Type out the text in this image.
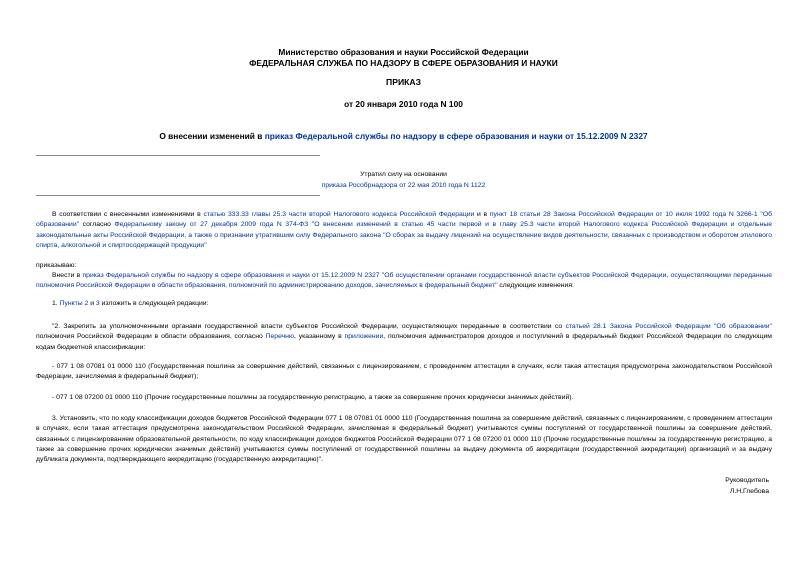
Министерство образования и науки Российской Федерации
ФЕДЕРАЛЬНАЯ СЛУЖБА ПО НАДЗОРУ В СФЕРЕ ОБРАЗОВАНИЯ И НАУКИ
ПРИКАЗ
от 20 января 2010 года N 100
О внесении изменений в приказ Федеральной службы по надзору в сфере образования и науки от 15.12.2009 N 2327
Утратил силу на основании
приказа Рособрнадзора от 22 мая 2010 года N 1122
В соответствии с внесенными изменениями в статью 333.33 главы 25.3 части второй Налогового кодекса Российской Федерации и в пункт 18 статьи 28 Закона Российской Федерации от 10 июля 1992 года N 3266-1 "Об образовании" согласно Федеральному закону от 27 декабря 2009 года N 374-ФЗ "О внесении изменений в статью 45 части первой и в главу 25.3 части второй Налогового кодекса Российской Федерации и отдельные законодательные акты Российской Федерации, а также о признании утратившим силу Федерального закона "О сборах за выдачу лицензий на осуществление видов деятельности, связанных с производством и оборотом этилового спирта, алкогольной и спиртосодержащей продукции"
приказываю:
Внести в приказ Федеральной службы по надзору в сфере образования и науки от 15.12.2009 N 2327 "Об осуществлении органами государственной власти субъектов Российской Федерации, осуществляющими переданные полномочия Российской Федерации в области образования, полномочий по администрированию доходов, зачисляемых в федеральный бюджет" следующие изменения:
1. Пункты 2 и 3 изложить в следующей редакции:
"2. Закрепить за уполномоченными органами государственной власти субъектов Российской Федерации, осуществляющих переданные в соответствии со статьей 28.1 Закона Российской Федерации "Об образовании" полномочия Российской Федерации в области образования, согласно Перечню, указанному в приложении, полномочия администраторов доходов и поступлений в федеральный бюджет Российской Федерации по следующим кодам бюджетной классификации:
- 077 1 08 07081 01 0000 110 (Государственная пошлина за совершение действий, связанных с лицензированием, с проведением аттестации в случаях, если такая аттестация предусмотрена законодательством Российской Федерации, зачисляемая в федеральный бюджет);
- 077 1 08 07200 01 0000 110 (Прочие государственные пошлины за государственную регистрацию, а также за совершение прочих юридически значимых действий).
3. Установить, что по коду классификации доходов бюджетов Российской Федерации 077 1 08 07081 01 0000 110 (Государственная пошлина за совершение действий, связанных с лицензированием, с проведением аттестации в случаях, если такая аттестация предусмотрена законодательством Российской Федерации, зачисляемая в федеральный бюджет) учитываются суммы поступлений от государственной пошлины за совершение действий, связанных с лицензированием образовательной деятельности, по коду классификации доходов бюджетов Российской Федерации 077 1 08 07200 01 0000 110 (Прочие государственные пошлины за государственную регистрацию, а также за совершение прочих юридически значимых действий) учитываются суммы поступлений от государственной пошлины за выдачу документа об аккредитации (государственной аккредитации) организаций и за выдачу дубликата документа, подтверждающего аккредитацию (государственную аккредитацию)".
Руководитель
Л.Н.Глебова
